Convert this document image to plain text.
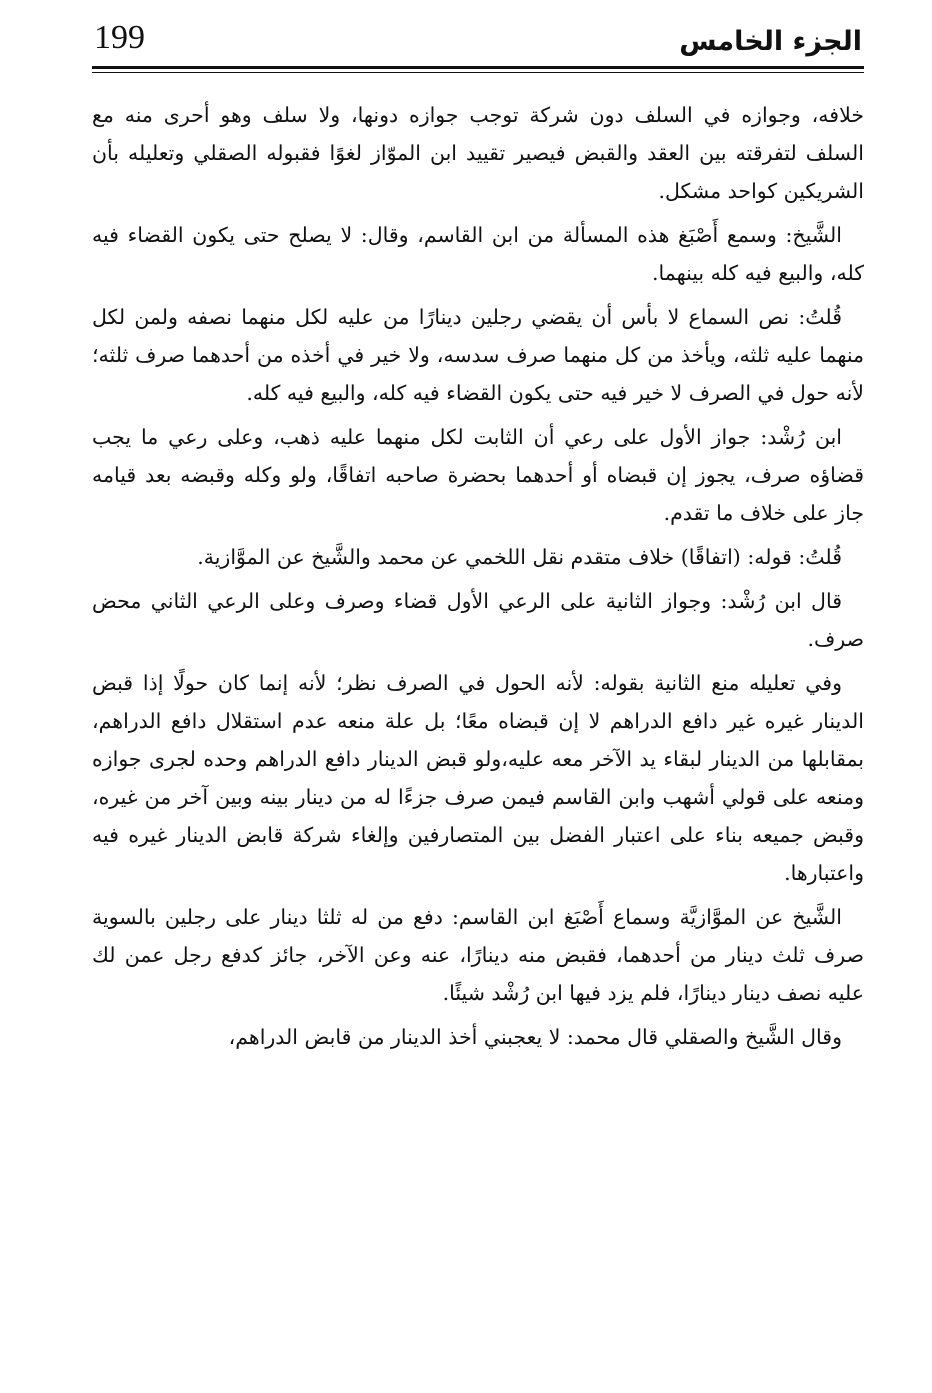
199	الجزء الخامس

خلافه، وجوازه في السلف دون شركة توجب جوازه دونها، ولا سلف وهو أحرى منه مع السلف لتفرقته بين العقد والقبض فيصير تقييد ابن الموّاز لغوًا فقبوله الصقلي وتعليله بأن الشريكين كواحد مشكل.

الشَّيخ: وسمع أَصْبَغ هذه المسألة من ابن القاسم، وقال: لا يصلح حتى يكون القضاء فيه كله، والبيع فيه كله بينهما.

قُلتُ: نص السماع لا بأس أن يقضي رجلين دينارًا من عليه لكل منهما نصفه ولمن لكل منهما عليه ثلثه، ويأخذ من كل منهما صرف سدسه، ولا خير في أخذه من أحدهما صرف ثلثه؛ لأنه حول في الصرف لا خير فيه حتى يكون القضاء فيه كله، والبيع فيه كله.

ابن رُشْد: جواز الأول على رعي أن الثابت لكل منهما عليه ذهب، وعلى رعي ما يجب قضاؤه صرف، يجوز إن قبضاه أو أحدهما بحضرة صاحبه اتفاقًا، ولو وكله وقبضه بعد قيامه جاز على خلاف ما تقدم.

قُلتُ: قوله: (اتفاقًا) خلاف متقدم نقل اللخمي عن محمد والشَّيخ عن الموَّازية.

قال ابن رُشْد: وجواز الثانية على الرعي الأول قضاء وصرف وعلى الرعي الثاني محض صرف.

وفي تعليله منع الثانية بقوله: لأنه الحول في الصرف نظر؛ لأنه إنما كان حولًا إذا قبض الدينار غيره غير دافع الدراهم لا إن قبضاه معًا؛ بل علة منعه عدم استقلال دافع الدراهم، بمقابلها من الدينار لبقاء يد الآخر معه عليه،ولو قبض الدينار دافع الدراهم وحده لجرى جوازه ومنعه على قولي أشهب وابن القاسم فيمن صرف جزءًا له من دينار بينه وبين آخر من غيره، وقبض جميعه بناء على اعتبار الفضل بين المتصارفين وإلغاء شركة قابض الدينار غيره فيه واعتبارها.

الشَّيخ عن الموَّازيَّة وسماع أَصْبَغ ابن القاسم: دفع من له ثلثا دينار على رجلين بالسوية صرف ثلث دينار من أحدهما، فقبض منه دينارًا، عنه وعن الآخر، جائز كدفع رجل عمن لك عليه نصف دينار دينارًا، فلم يزد فيها ابن رُشْد شيئًا.

وقال الشَّيخ والصقلي قال محمد: لا يعجبني أخذ الدينار من قابض الدراهم،
